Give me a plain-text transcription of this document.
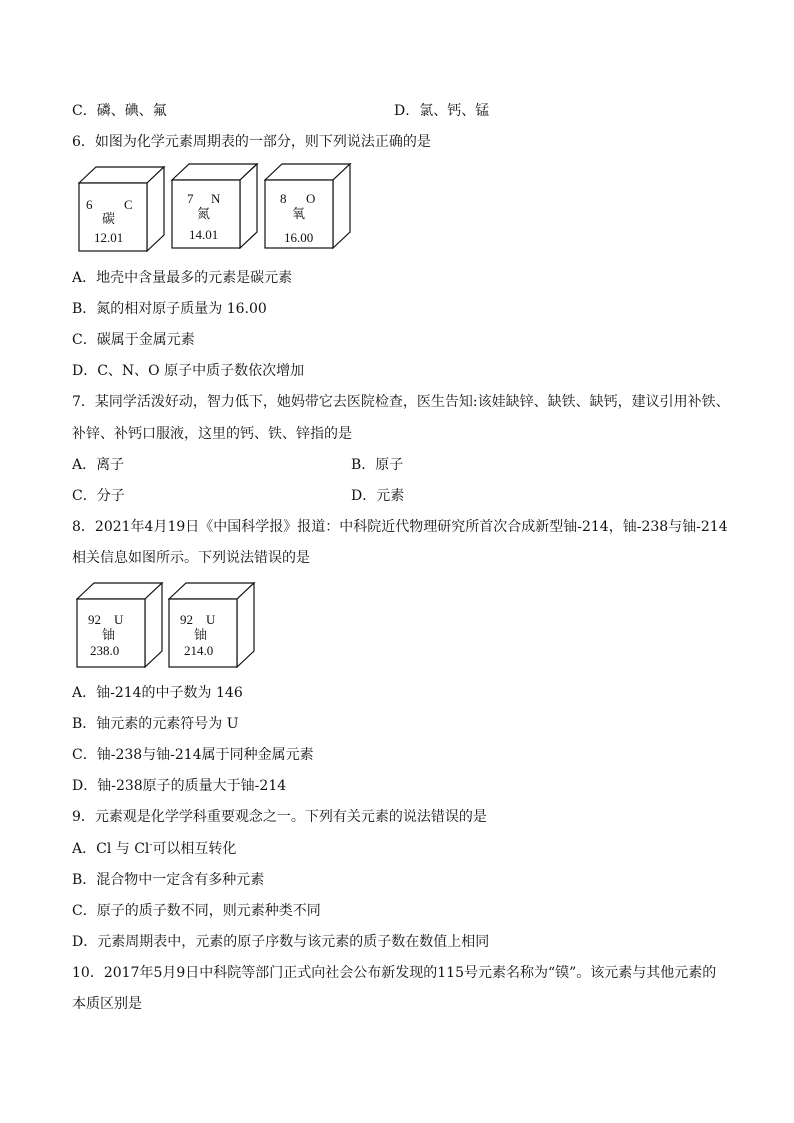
C．磷、碘、氟	D．氯、钙、锰
6．如图为化学元素周期表的一部分，则下列说法正确的是
6 C
碳
12.01
7 N
氮
14.01
8 O
氧
16.00
A．地壳中含量最多的元素是碳元素
B．氮的相对原子质量为 16.00
C．碳属于金属元素
D．C、N、O 原子中质子数依次增加
7．某同学活泼好动，智力低下，她妈带它去医院检查，医生告知:该娃缺锌、缺铁、缺钙，建议引用补铁、
补锌、补钙口服液，这里的钙、铁、锌指的是
A．离子	B．原子
C．分子	D．元素
8．2021年4月19日《中国科学报》报道：中科院近代物理研究所首次合成新型铀-214，铀-238与铀-214
相关信息如图所示。下列说法错误的是
92 U
铀
238.0
92 U
铀
214.0
A．铀-214的中子数为 146
B．铀元素的元素符号为 U
C．铀-238与铀-214属于同种金属元素
D．铀-238原子的质量大于铀-214
9．元素观是化学学科重要观念之一。下列有关元素的说法错误的是
A．Cl 与 Cl-可以相互转化
B．混合物中一定含有多种元素
C．原子的质子数不同，则元素种类不同
D．元素周期表中，元素的原子序数与该元素的质子数在数值上相同
10．2017年5月9日中科院等部门正式向社会公布新发现的115号元素名称为“镆”。该元素与其他元素的
本质区别是
